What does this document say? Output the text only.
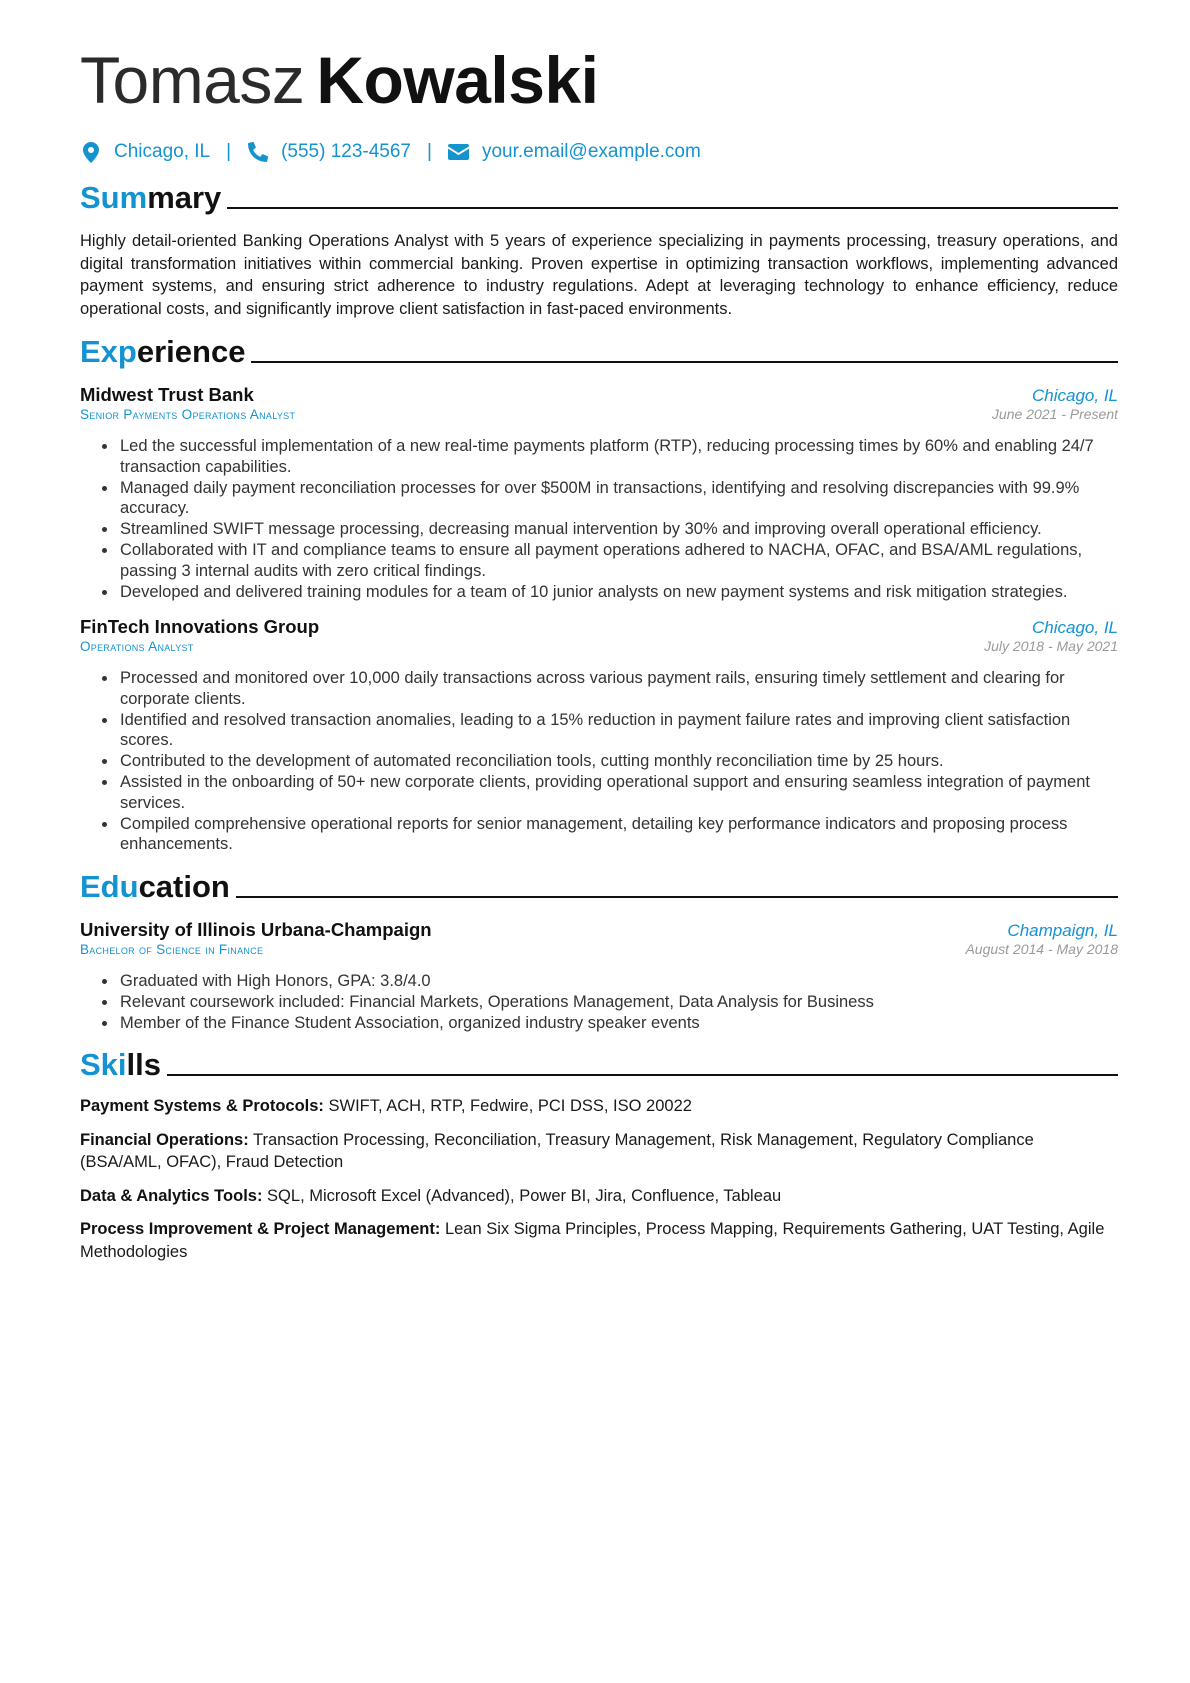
Tomasz Kowalski
Chicago, IL |	(555) 123-4567 |	your.email@example.com
Summary
Highly detail-oriented Banking Operations Analyst with 5 years of experience specializing in payments processing, treasury operations, and digital transformation initiatives within commercial banking. Proven expertise in optimizing transaction workflows, implementing advanced payment systems, and ensuring strict adherence to industry regulations. Adept at leveraging technology to enhance efficiency, reduce operational costs, and significantly improve client satisfaction in fast-paced environments.
Experience
Midwest Trust Bank	Chicago, IL
Senior Payments Operations Analyst	June 2021 - Present
• Led the successful implementation of a new real-time payments platform (RTP), reducing processing times by 60% and enabling 24/7 transaction capabilities.
• Managed daily payment reconciliation processes for over $500M in transactions, identifying and resolving discrepancies with 99.9% accuracy.
• Streamlined SWIFT message processing, decreasing manual intervention by 30% and improving overall operational efficiency.
• Collaborated with IT and compliance teams to ensure all payment operations adhered to NACHA, OFAC, and BSA/AML regulations, passing 3 internal audits with zero critical findings.
• Developed and delivered training modules for a team of 10 junior analysts on new payment systems and risk mitigation strategies.
FinTech Innovations Group	Chicago, IL
Operations Analyst	July 2018 - May 2021
• Processed and monitored over 10,000 daily transactions across various payment rails, ensuring timely settlement and clearing for corporate clients.
• Identified and resolved transaction anomalies, leading to a 15% reduction in payment failure rates and improving client satisfaction scores.
• Contributed to the development of automated reconciliation tools, cutting monthly reconciliation time by 25 hours.
• Assisted in the onboarding of 50+ new corporate clients, providing operational support and ensuring seamless integration of payment services.
• Compiled comprehensive operational reports for senior management, detailing key performance indicators and proposing process enhancements.
Education
University of Illinois Urbana-Champaign	Champaign, IL
Bachelor of Science in Finance	August 2014 - May 2018
• Graduated with High Honors, GPA: 3.8/4.0
• Relevant coursework included: Financial Markets, Operations Management, Data Analysis for Business
• Member of the Finance Student Association, organized industry speaker events
Skills
Payment Systems & Protocols: SWIFT, ACH, RTP, Fedwire, PCI DSS, ISO 20022
Financial Operations: Transaction Processing, Reconciliation, Treasury Management, Risk Management, Regulatory Compliance (BSA/AML, OFAC), Fraud Detection
Data & Analytics Tools: SQL, Microsoft Excel (Advanced), Power BI, Jira, Confluence, Tableau
Process Improvement & Project Management: Lean Six Sigma Principles, Process Mapping, Requirements Gathering, UAT Testing, Agile Methodologies
